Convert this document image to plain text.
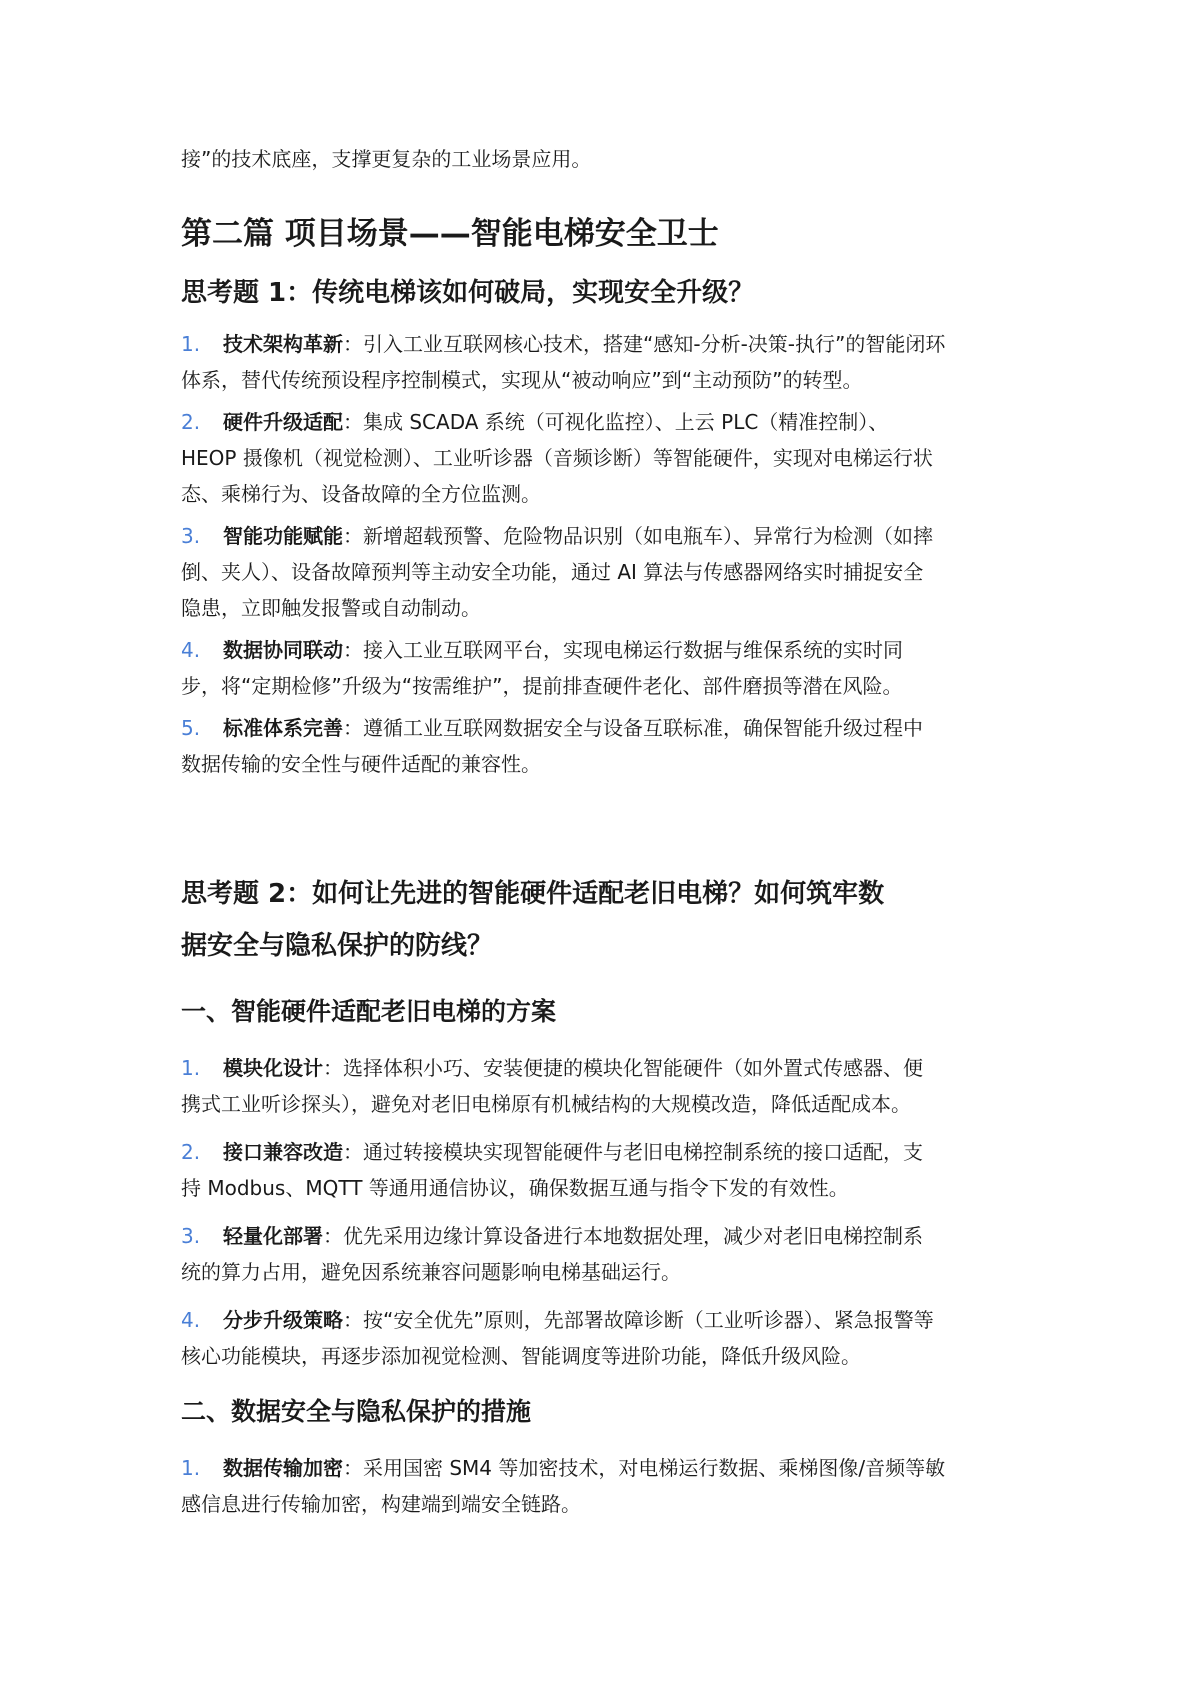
接”的技术底座，支撑更复杂的工业场景应用。

第二篇 项目场景——智能电梯安全卫士
思考题 1：传统电梯该如何破局，实现安全升级？

1. 技术架构革新：引入工业互联网核心技术，搭建“感知-分析-决策-执行”的智能闭环
体系，替代传统预设程序控制模式，实现从“被动响应”到“主动预防”的转型。

2. 硬件升级适配：集成 SCADA 系统（可视化监控）、上云 PLC（精准控制）、
HEOP 摄像机（视觉检测）、工业听诊器（音频诊断）等智能硬件，实现对电梯运行状
态、乘梯行为、设备故障的全方位监测。

3. 智能功能赋能：新增超载预警、危险物品识别（如电瓶车）、异常行为检测（如摔
倒、夹人）、设备故障预判等主动安全功能，通过 AI 算法与传感器网络实时捕捉安全
隐患，立即触发报警或自动制动。

4. 数据协同联动：接入工业互联网平台，实现电梯运行数据与维保系统的实时同
步，将“定期检修”升级为“按需维护”，提前排查硬件老化、部件磨损等潜在风险。

5. 标准体系完善：遵循工业互联网数据安全与设备互联标准，确保智能升级过程中
数据传输的安全性与硬件适配的兼容性。

思考题 2：如何让先进的智能硬件适配老旧电梯？如何筑牢数
据安全与隐私保护的防线？
一、智能硬件适配老旧电梯的方案

1. 模块化设计：选择体积小巧、安装便捷的模块化智能硬件（如外置式传感器、便
携式工业听诊探头），避免对老旧电梯原有机械结构的大规模改造，降低适配成本。

2. 接口兼容改造：通过转接模块实现智能硬件与老旧电梯控制系统的接口适配，支
持 Modbus、MQTT 等通用通信协议，确保数据互通与指令下发的有效性。

3. 轻量化部署：优先采用边缘计算设备进行本地数据处理，减少对老旧电梯控制系
统的算力占用，避免因系统兼容问题影响电梯基础运行。

4. 分步升级策略：按“安全优先”原则，先部署故障诊断（工业听诊器）、紧急报警等
核心功能模块，再逐步添加视觉检测、智能调度等进阶功能，降低升级风险。

二、数据安全与隐私保护的措施

1. 数据传输加密：采用国密 SM4 等加密技术，对电梯运行数据、乘梯图像/音频等敏
感信息进行传输加密，构建端到端安全链路。
